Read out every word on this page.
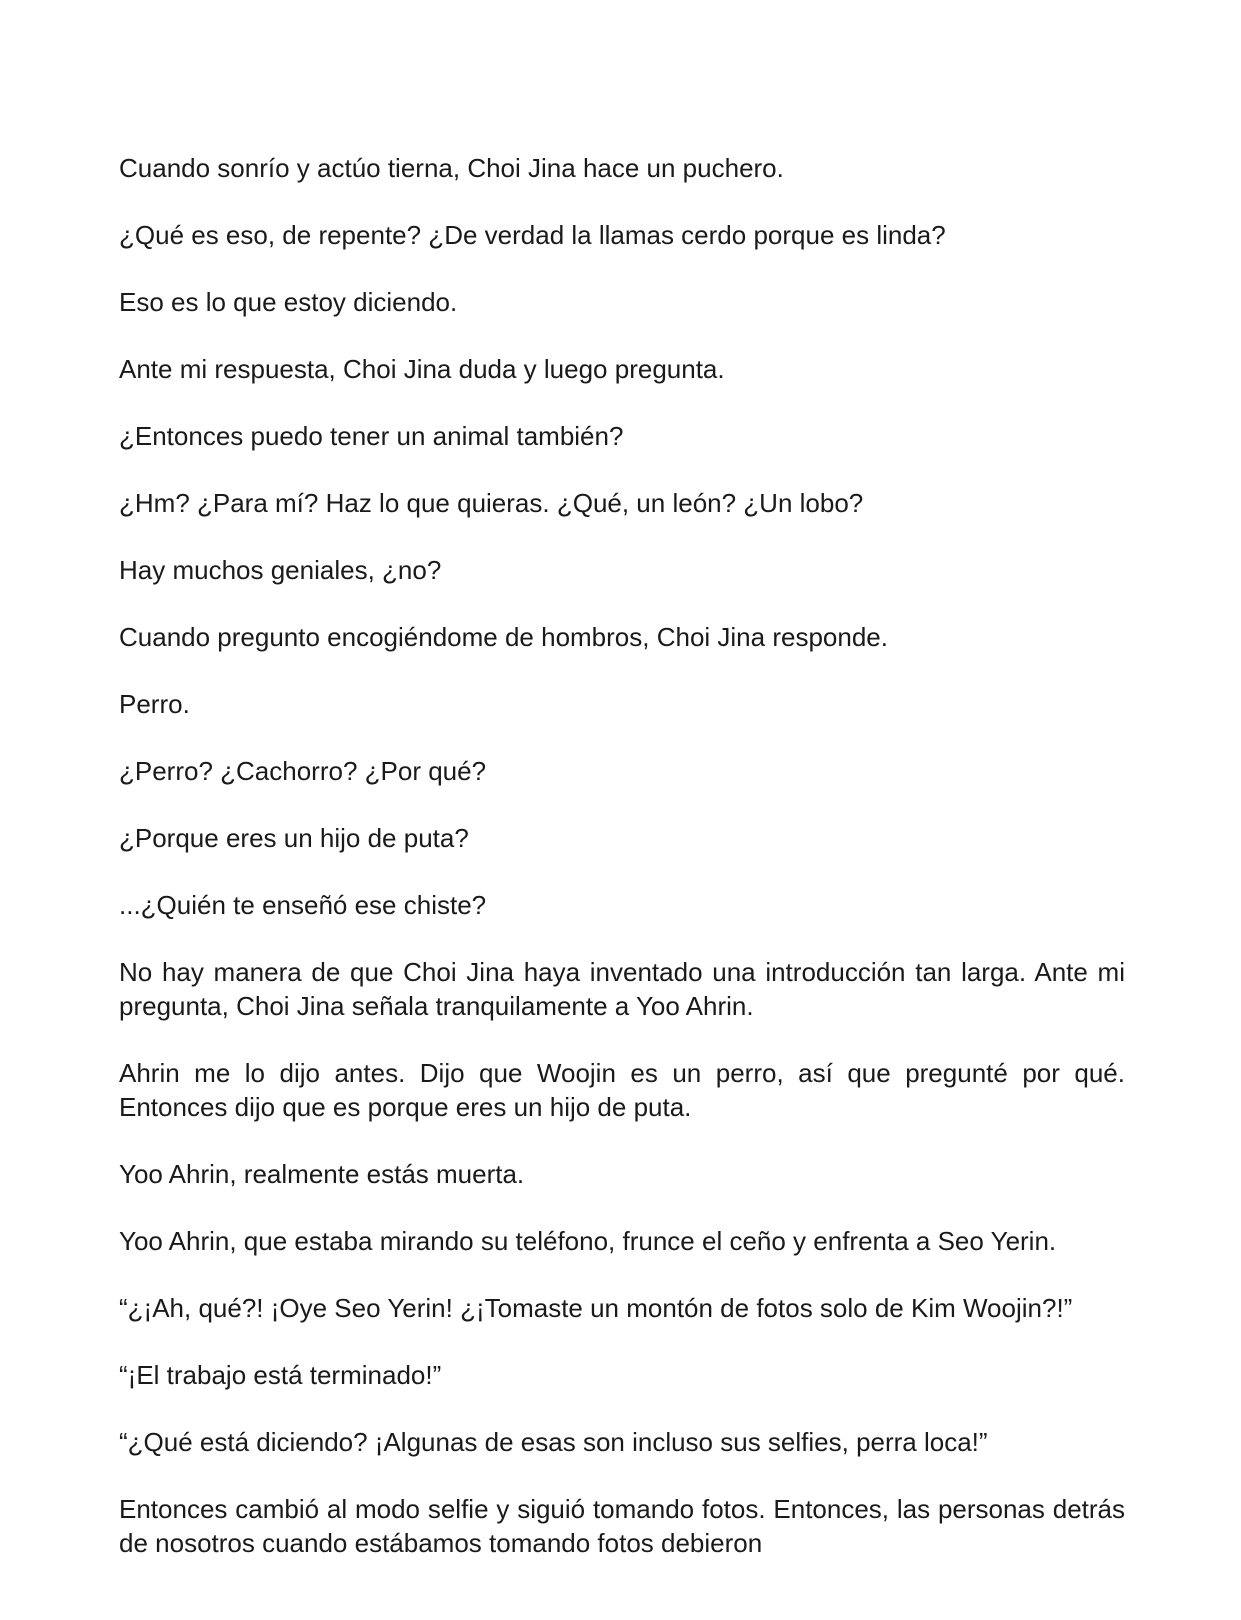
Cuando sonrío y actúo tierna, Choi Jina hace un puchero.

¿Qué es eso, de repente? ¿De verdad la llamas cerdo porque es linda?

Eso es lo que estoy diciendo.

Ante mi respuesta, Choi Jina duda y luego pregunta.

¿Entonces puedo tener un animal también?

¿Hm? ¿Para mí? Haz lo que quieras. ¿Qué, un león? ¿Un lobo?

Hay muchos geniales, ¿no?

Cuando pregunto encogiéndome de hombros, Choi Jina responde.

Perro.

¿Perro? ¿Cachorro? ¿Por qué?

¿Porque eres un hijo de puta?

...¿Quién te enseñó ese chiste?

No hay manera de que Choi Jina haya inventado una introducción tan larga. Ante mi pregunta, Choi Jina señala tranquilamente a Yoo Ahrin.

Ahrin me lo dijo antes. Dijo que Woojin es un perro, así que pregunté por qué. Entonces dijo que es porque eres un hijo de puta.

Yoo Ahrin, realmente estás muerta.

Yoo Ahrin, que estaba mirando su teléfono, frunce el ceño y enfrenta a Seo Yerin.

“¿¡Ah, qué?! ¡Oye Seo Yerin! ¿¡Tomaste un montón de fotos solo de Kim Woojin?!”

“¡El trabajo está terminado!”

“¿Qué está diciendo? ¡Algunas de esas son incluso sus selfies, perra loca!”

Entonces cambió al modo selfie y siguió tomando fotos. Entonces, las personas detrás de nosotros cuando estábamos tomando fotos debieron
